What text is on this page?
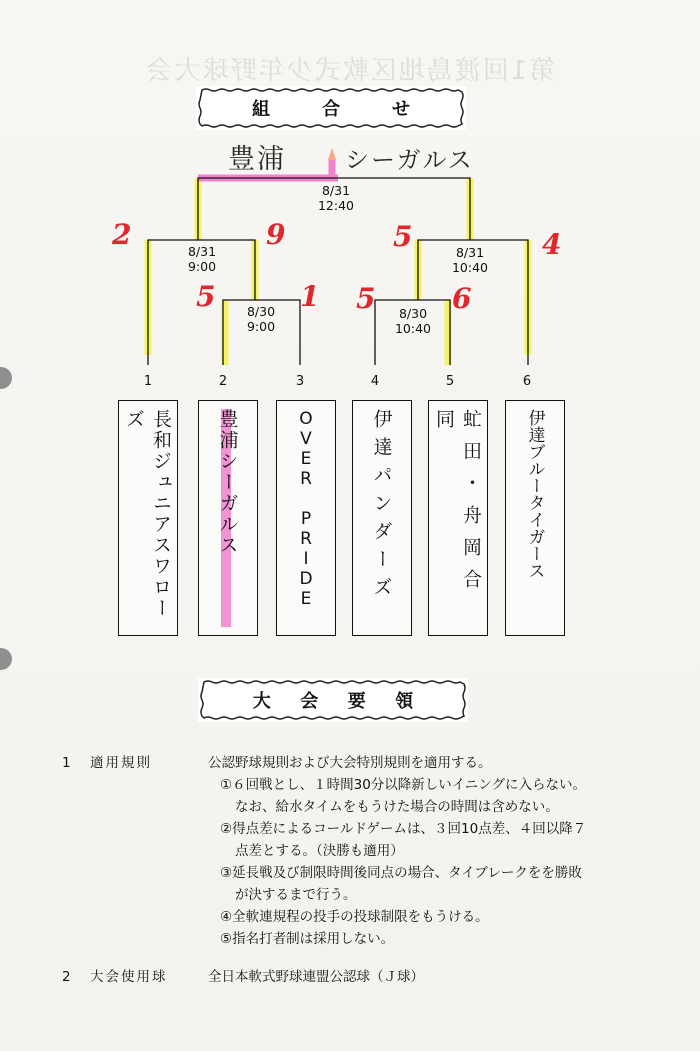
第1回渡島地区軟式少年野球大会
組	合	せ
豊浦 シーガルス
8/31
12:40
8/31
9:00
8/31
10:40
8/30
9:00
8/30
10:40
2	9
5	1
5	4
5	6
1	2	3	4	5	6
長和ジュニアスワローズ	豊浦シーガルス	OVER PRIDE	伊達パンダーズ	虻田・舟岡合同	伊達ブルータイガース
大 会 要 領
1	適用規則	公認野球規則および大会特別規則を適用する。
①６回戦とし、１時間30分以降新しいイニングに入らない。
なお、給水タイムをもうけた場合の時間は含めない。
②得点差によるコールドゲームは、３回10点差、４回以降７
点差とする。（決勝も適用）
③延長戦及び制限時間後同点の場合、タイブレークをを勝敗
が決するまで行う。
④全軟連規程の投手の投球制限をもうける。
⑤指名打者制は採用しない。
2	大会使用球	全日本軟式野球連盟公認球（Ｊ球）
